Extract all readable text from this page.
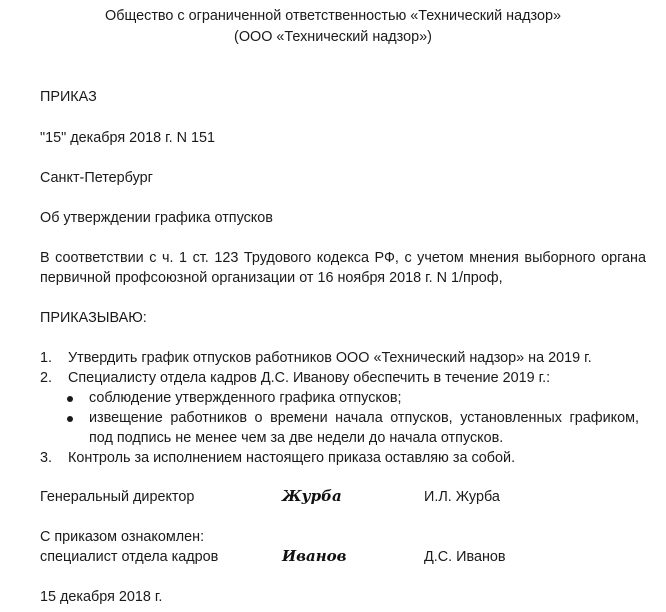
Общество с ограниченной ответственностью «Технический надзор»
(ООО «Технический надзор»)
ПРИКАЗ
"15" декабря 2018 г. N 151
Санкт-Петербург
Об утверждении графика отпусков
В соответствии с ч. 1 ст. 123 Трудового кодекса РФ, с учетом мнения выборного органа
первичной профсоюзной организации от 16 ноября 2018 г. N 1/проф,
ПРИКАЗЫВАЮ:
1. Утвердить график отпусков работников ООО «Технический надзор» на 2019 г.
2. Специалисту отдела кадров Д.С. Иванову обеспечить в течение 2019 г.:
соблюдение утвержденного графика отпусков;
извещение работников о времени начала отпусков, установленных графиком,
под подпись не менее чем за две недели до начала отпусков.
3. Контроль за исполнением настоящего приказа оставляю за собой.
Генеральный директор	Журба	И.Л. Журба
С приказом ознакомлен:
специалист отдела кадров	Иванов	Д.С. Иванов
15 декабря 2018 г.
